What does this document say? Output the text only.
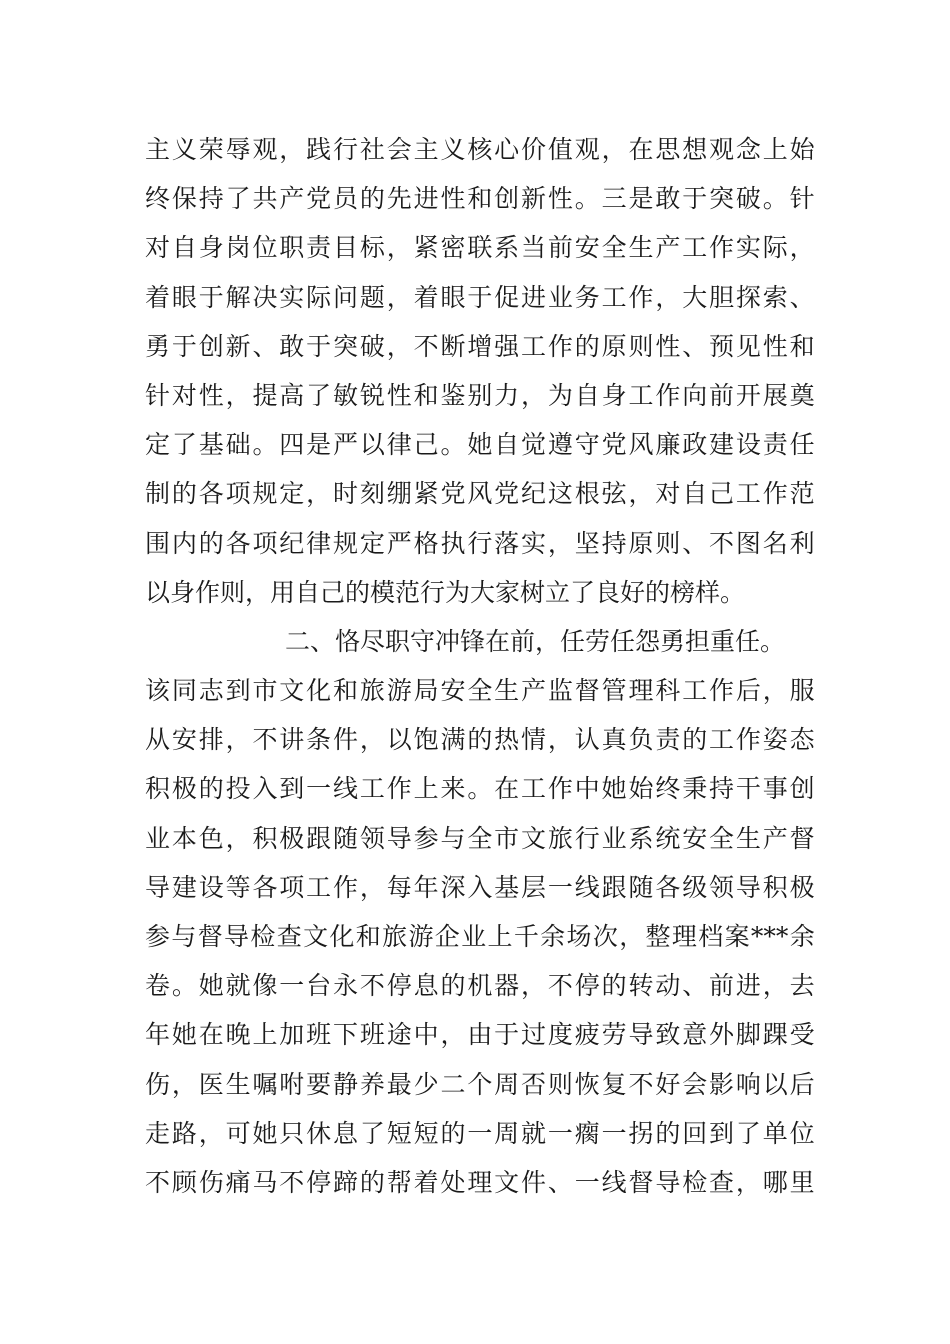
主 义 荣 辱 观 ， 践 行 社 会 主 义 核 心 价 值 观 ， 在 思 想 观 念 上 始
终 保 持 了 共 产 党 员 的 先 进 性 和 创 新 性 。 三 是 敢 于 突 破 。 针
对 自 身 岗 位 职 责 目 标 ， 紧 密 联 系 当 前 安 全 生 产 工 作 实 际 ，
着 眼 于 解 决 实 际 问 题 ， 着 眼 于 促 进 业 务 工 作 ， 大 胆 探 索 、
勇 于 创 新 、 敢 于 突 破 ， 不 断 增 强 工 作 的 原 则 性 、 预 见 性 和
针 对 性 ， 提 高 了 敏 锐 性 和 鉴 别 力 ， 为 自 身 工 作 向 前 开 展 奠
定 了 基 础 。 四 是 严 以 律 己 。 她 自 觉 遵 守 党 风 廉 政 建 设 责 任
制 的 各 项 规 定 ， 时 刻 绷 紧 党 风 党 纪 这 根 弦 ， 对 自 己 工 作 范
围 内 的 各 项 纪 律 规 定 严 格 执 行 落 实 ， 坚 持 原 则 、 不 图 名 利
以身作则，用自己的模范行为大家树立了良好的榜样。
二、恪尽职守冲锋在前，任劳任怨勇担重任。
该 同 志 到 市 文 化 和 旅 游 局 安 全 生 产 监 督 管 理 科 工 作 后 ， 服
从 安 排 ， 不 讲 条 件 ， 以 饱 满 的 热 情 ， 认 真 负 责 的 工 作 姿 态
积 极 的 投 入 到 一 线 工 作 上 来 。 在 工 作 中 她 始 终 秉 持 干 事 创
业 本 色 ， 积 极 跟 随 领 导 参 与 全 市 文 旅 行 业 系 统 安 全 生 产 督
导 建 设 等 各 项 工 作 ， 每 年 深 入 基 层 一 线 跟 随 各 级 领 导 积 极
参 与 督 导 检 查 文 化 和 旅 游 企 业 上 千 余 场 次 ， 整 理 档 案 *** 余
卷 。 她 就 像 一 台 永 不 停 息 的 机 器 ， 不 停 的 转 动 、 前 进 ， 去
年 她 在 晚 上 加 班 下 班 途 中 ， 由 于 过 度 疲 劳 导 致 意 外 脚 踝 受
伤 ， 医 生 嘱 咐 要 静 养 最 少 二 个 周 否 则 恢 复 不 好 会 影 响 以 后
走 路 ， 可 她 只 休 息 了 短 短 的 一 周 就 一 瘸 一 拐 的 回 到 了 单 位
不 顾 伤 痛 马 不 停 蹄 的 帮 着 处 理 文 件 、 一 线 督 导 检 查 ， 哪 里
